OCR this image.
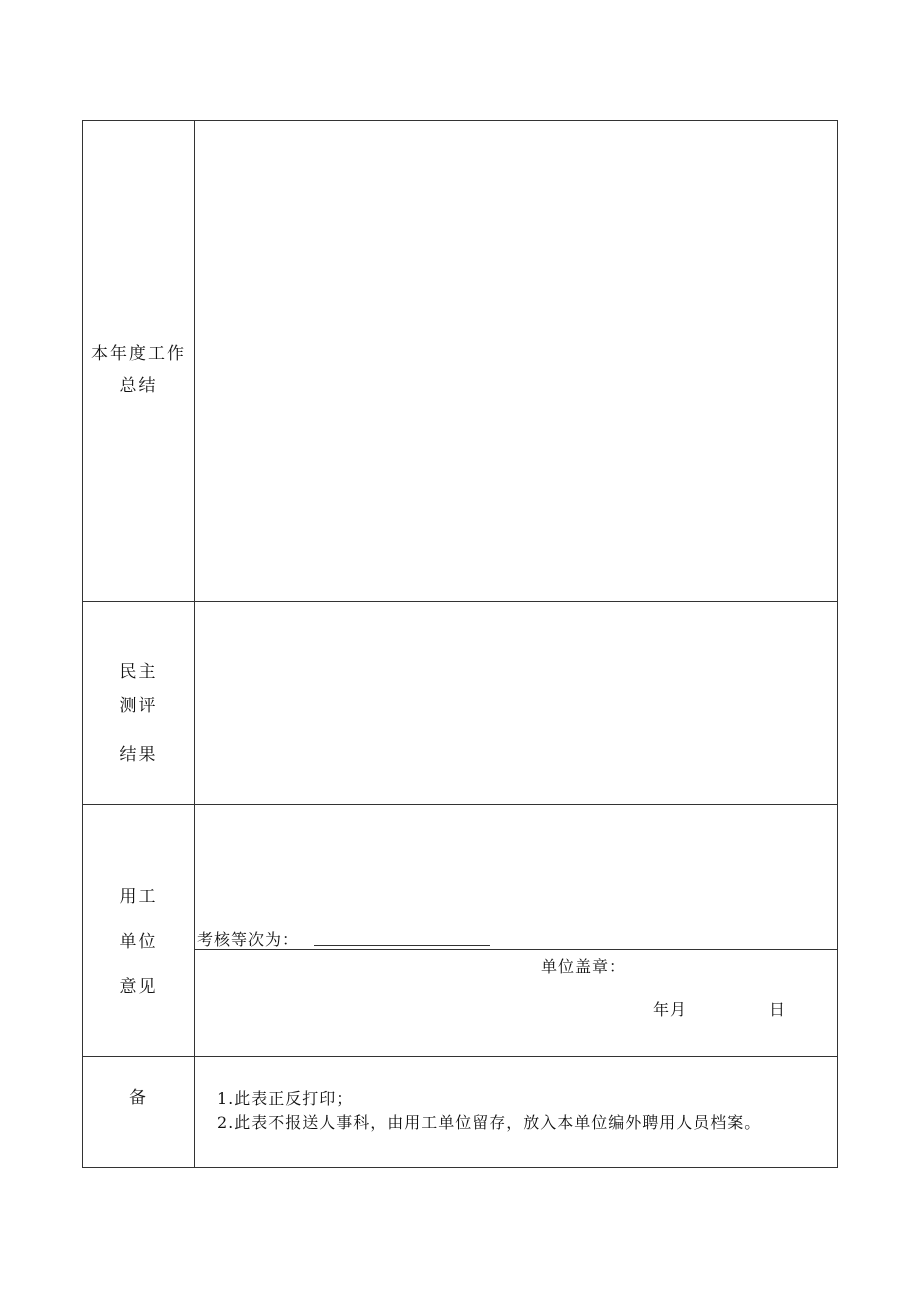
本年度工作
总结
民主
测评
结果
用工
单位
意见
考核等次为：
单位盖章：
年月	日
备	1.此表正反打印；
2.此表不报送人事科，由用工单位留存，放入本单位编外聘用人员档案。
